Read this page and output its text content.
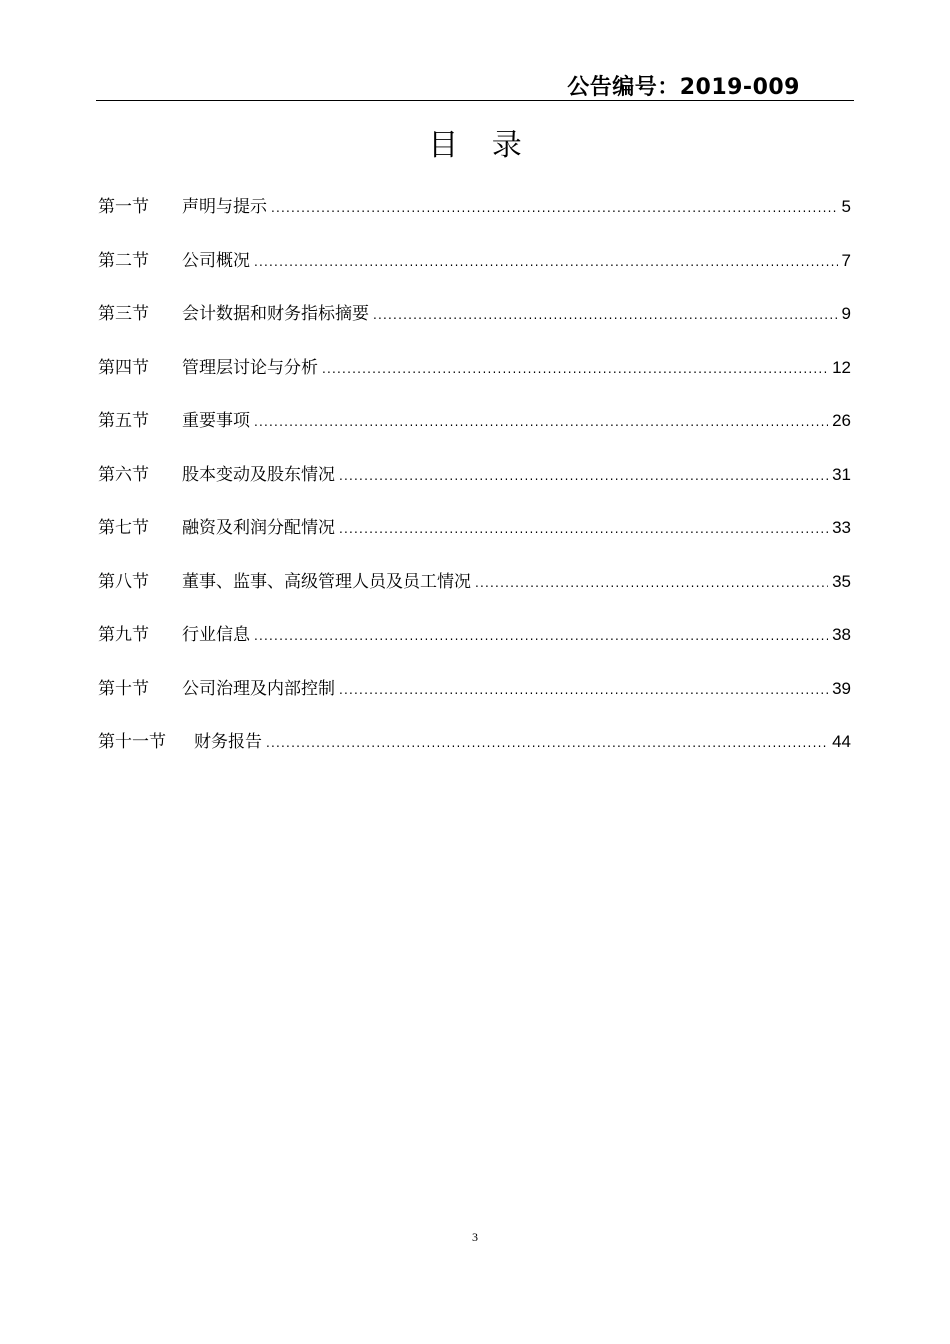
公告编号：2019-009
目 录
第一节	声明与提示 .....	5
第二节	公司概况 .....	7
第三节	会计数据和财务指标摘要 .....	9
第四节	管理层讨论与分析 .....	12
第五节	重要事项 .....	26
第六节	股本变动及股东情况 .....	31
第七节	融资及利润分配情况 .....	33
第八节	董事、监事、高级管理人员及员工情况 .....	35
第九节	行业信息 .....	38
第十节	公司治理及内部控制 .....	39
第十一节	财务报告 .....	44
3
